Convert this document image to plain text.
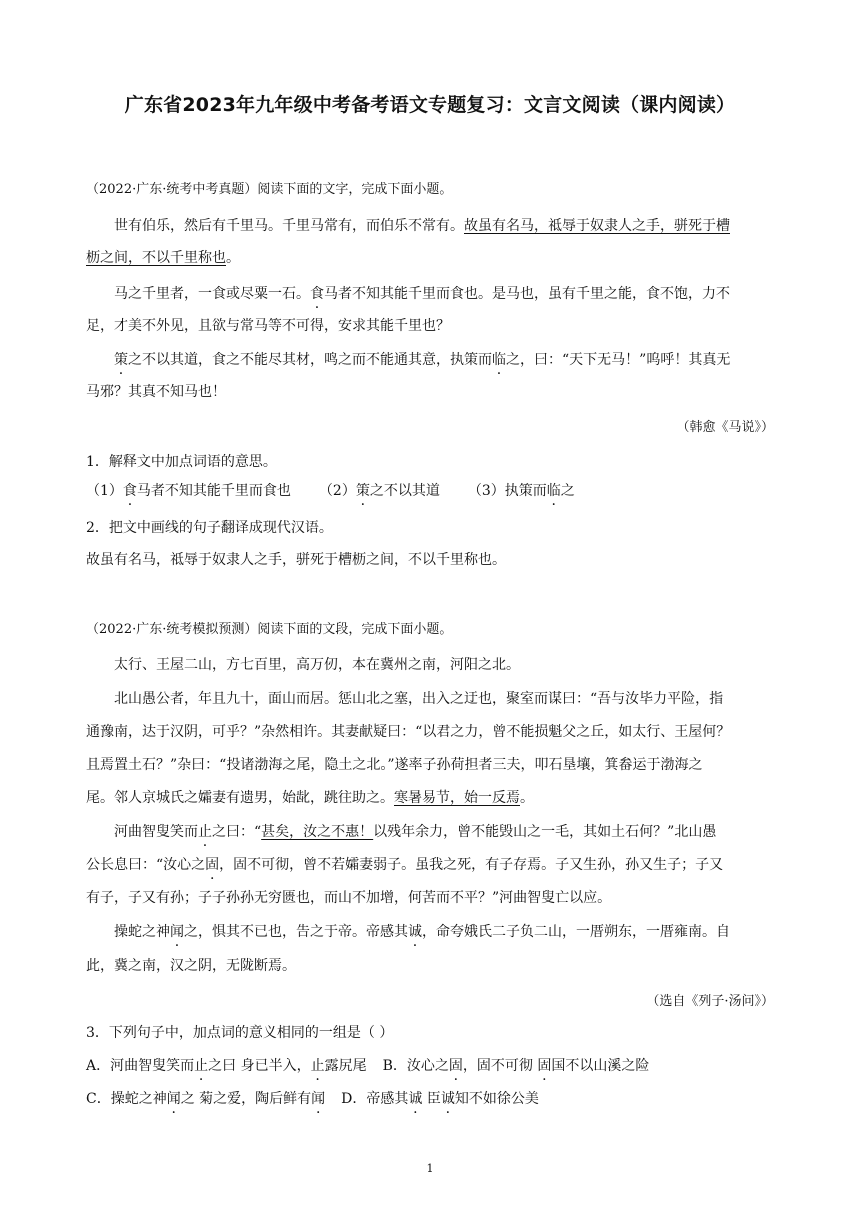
广东省2023年九年级中考备考语文专题复习：文言文阅读（课内阅读）
（2022·广东·统考中考真题）阅读下面的文字，完成下面小题。
世有伯乐，然后有千里马。千里马常有，而伯乐不常有。故虽有名马，祗辱于奴隶人之手，骈死于槽
枥之间，不以千里称也。
马之千里者，一食或尽粟一石。食马者不知其能千里而食也。是马也，虽有千里之能，食不饱，力不
足，才美不外见，且欲与常马等不可得，安求其能千里也？
策之不以其道，食之不能尽其材，鸣之而不能通其意，执策而临之，曰：“天下无马！”呜呼！其真无
马邪？其真不知马也！
（韩愈《马说》）
1．解释文中加点词语的意思。
（1）食马者不知其能千里而食也 （2）策之不以其道 （3）执策而临之
2．把文中画线的句子翻译成现代汉语。
故虽有名马，祗辱于奴隶人之手，骈死于槽枥之间，不以千里称也。
（2022·广东·统考模拟预测）阅读下面的文段，完成下面小题。
太行、王屋二山，方七百里，高万仞，本在冀州之南，河阳之北。
北山愚公者，年且九十，面山而居。惩山北之塞，出入之迂也，聚室而谋曰：“吾与汝毕力平险，指
通豫南，达于汉阴，可乎？”杂然相许。其妻献疑曰：“以君之力，曾不能损魁父之丘，如太行、王屋何？
且焉置土石？”杂曰：“投诸渤海之尾，隐土之北。”遂率子孙荷担者三夫，叩石垦壤，箕畚运于渤海之
尾。邻人京城氏之孀妻有遗男，始龀，跳往助之。寒暑易节，始一反焉。
河曲智叟笑而止之曰：“甚矣，汝之不惠！以残年余力，曾不能毁山之一毛，其如土石何？”北山愚
公长息曰：“汝心之固，固不可彻，曾不若孀妻弱子。虽我之死，有子存焉。子又生孙，孙又生子；子又
有子，子又有孙；子子孙孙无穷匮也，而山不加增，何苦而不平？”河曲智叟亡以应。
操蛇之神闻之，惧其不已也，告之于帝。帝感其诚，命夸娥氏二子负二山，一厝朔东，一厝雍南。自
此，冀之南，汉之阴，无陇断焉。
（选自《列子·汤问》）
3．下列句子中，加点词的意义相同的一组是（ ）
A．河曲智叟笑而止之曰 身已半入，止露尻尾 B．汝心之固，固不可彻 固国不以山溪之险
C．操蛇之神闻之 菊之爱，陶后鲜有闻 D．帝感其诚 臣诚知不如徐公美
1
